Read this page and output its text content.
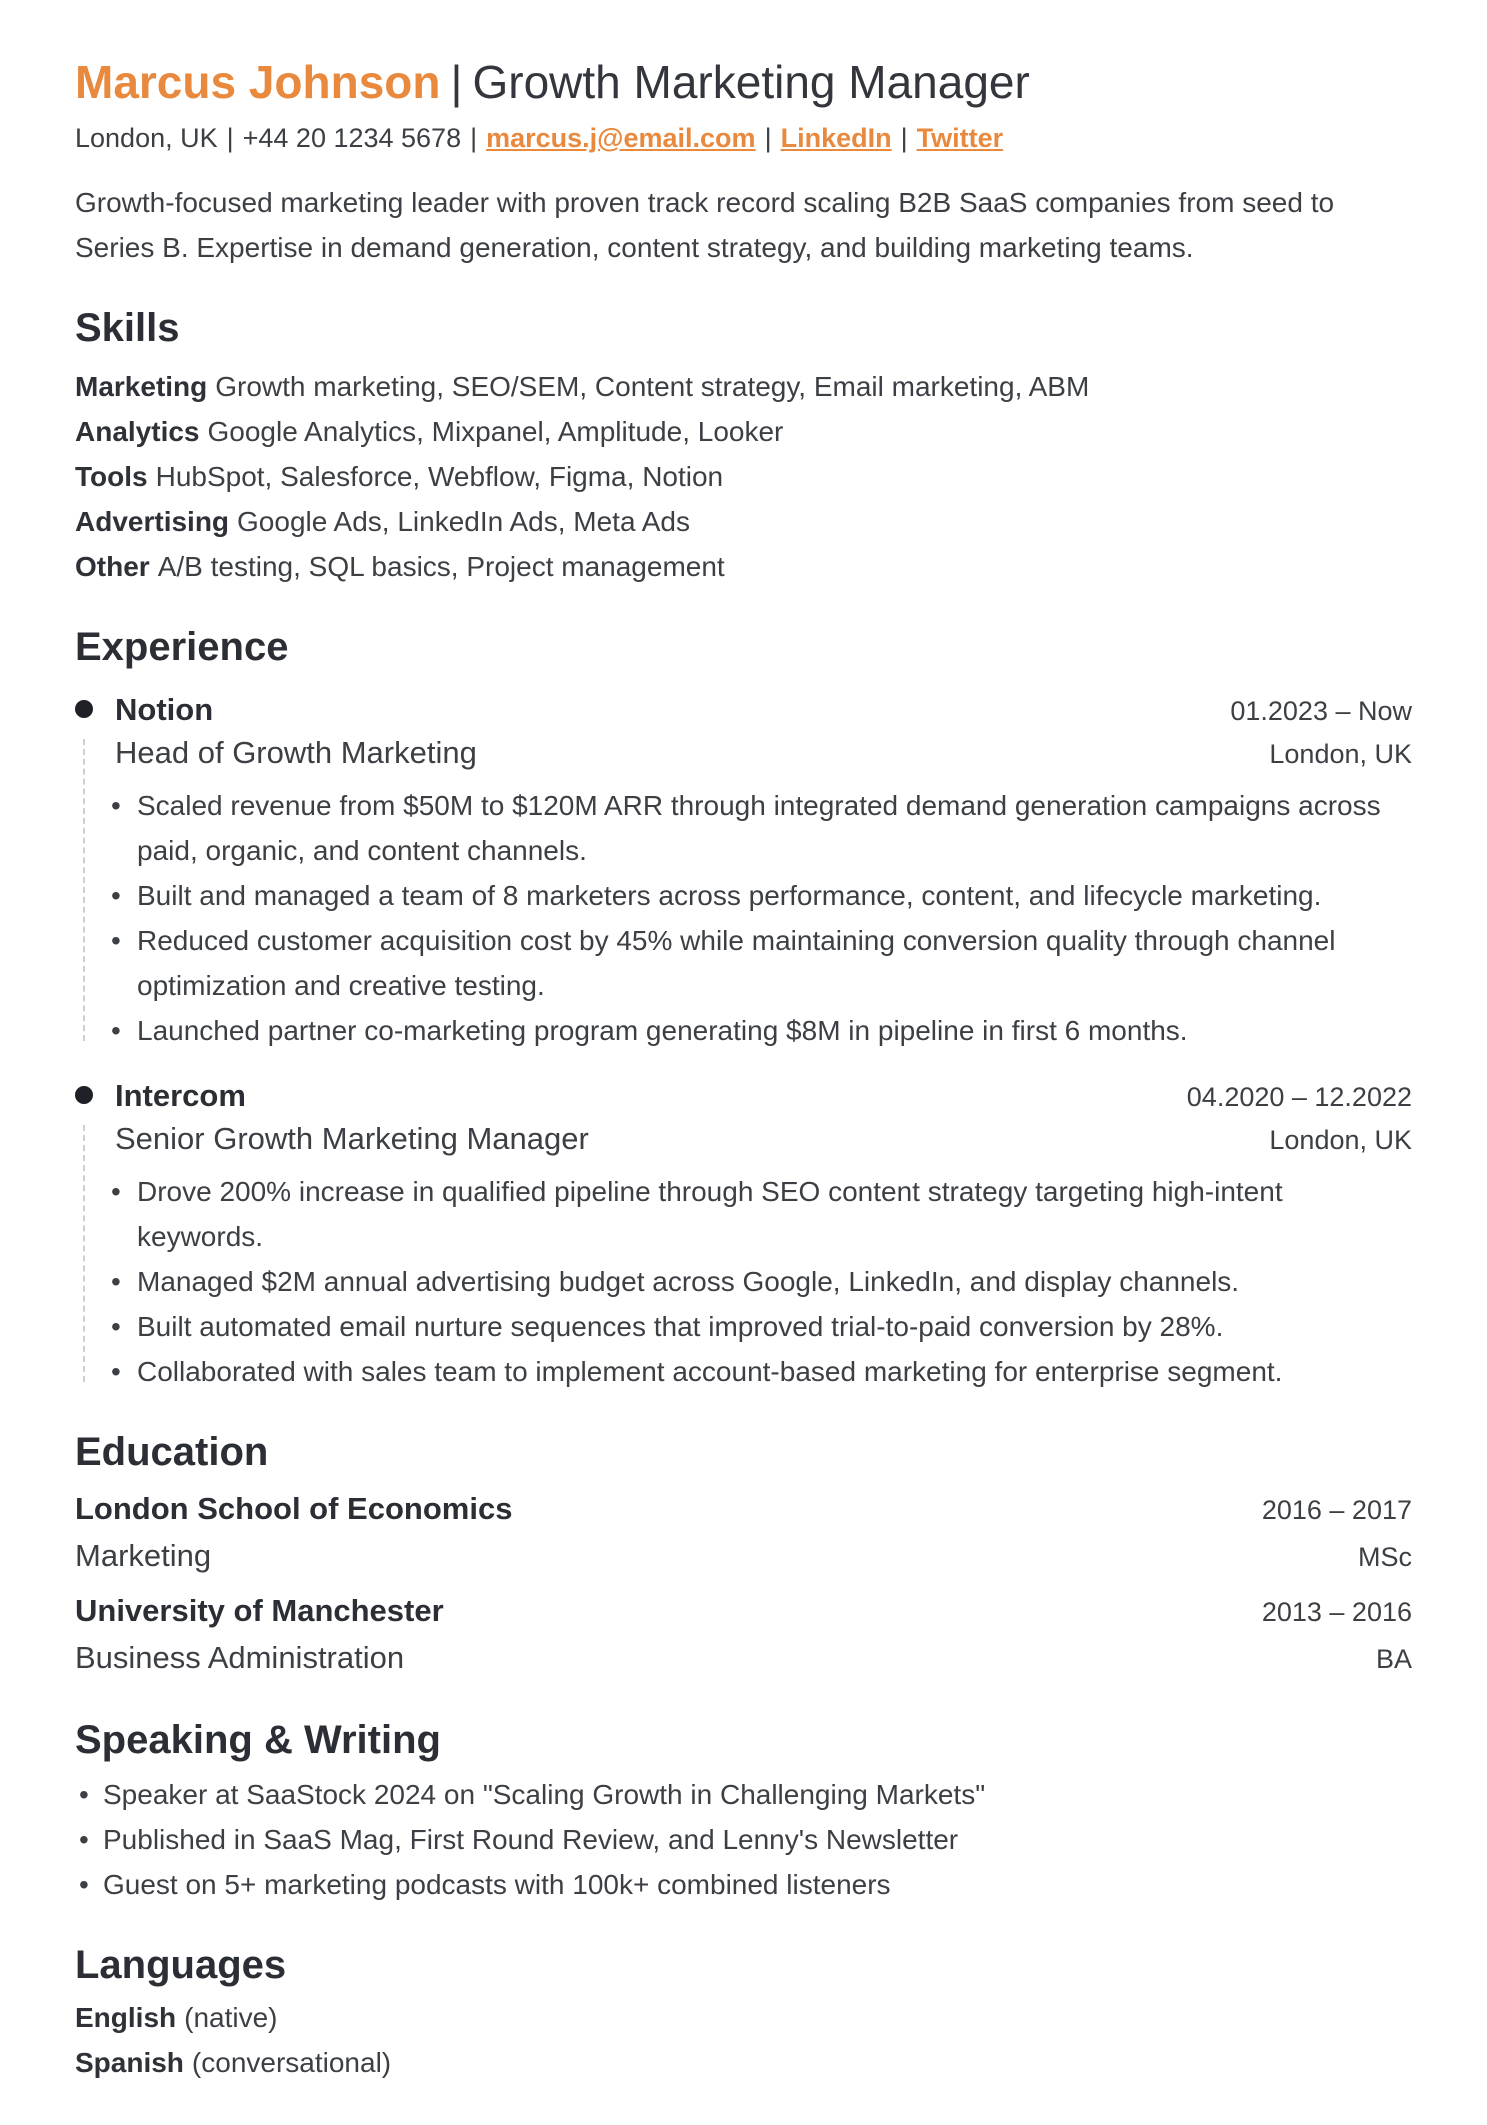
Marcus Johnson | Growth Marketing Manager
London, UK | +44 20 1234 5678 | marcus.j@email.com | LinkedIn | Twitter

Growth-focused marketing leader with proven track record scaling B2B SaaS companies from seed to Series B. Expertise in demand generation, content strategy, and building marketing teams.

Skills
Marketing Growth marketing, SEO/SEM, Content strategy, Email marketing, ABM
Analytics Google Analytics, Mixpanel, Amplitude, Looker
Tools HubSpot, Salesforce, Webflow, Figma, Notion
Advertising Google Ads, LinkedIn Ads, Meta Ads
Other A/B testing, SQL basics, Project management
Experience
Notion	01.2023 – Now
Head of Growth Marketing	London, UK
• Scaled revenue from $50M to $120M ARR through integrated demand generation campaigns across paid, organic, and content channels.
• Built and managed a team of 8 marketers across performance, content, and lifecycle marketing.
• Reduced customer acquisition cost by 45% while maintaining conversion quality through channel optimization and creative testing.
• Launched partner co-marketing program generating $8M in pipeline in first 6 months.
Intercom	04.2020 – 12.2022
Senior Growth Marketing Manager	London, UK
• Drove 200% increase in qualified pipeline through SEO content strategy targeting high-intent keywords.
• Managed $2M annual advertising budget across Google, LinkedIn, and display channels.
• Built automated email nurture sequences that improved trial-to-paid conversion by 28%.
• Collaborated with sales team to implement account-based marketing for enterprise segment.
Education
London School of Economics	2016 – 2017
Marketing	MSc
University of Manchester	2013 – 2016
Business Administration	BA
Speaking & Writing
• Speaker at SaaStock 2024 on "Scaling Growth in Challenging Markets"
• Published in SaaS Mag, First Round Review, and Lenny's Newsletter
• Guest on 5+ marketing podcasts with 100k+ combined listeners
Languages
English (native)
Spanish (conversational)
